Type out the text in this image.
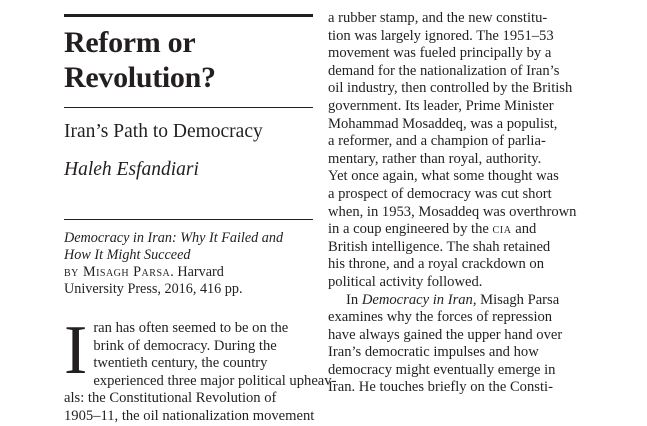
Reform or
Revolution?
Iran’s Path to Democracy
Haleh Esfandiari
Democracy in Iran: Why It Failed and
How It Might Succeed
by Misagh Parsa. Harvard
University Press, 2016, 416 pp.
I ran has often seemed to be on the
brink of democracy. During the
twentieth century, the country
experienced three major political upheav-
als: the Constitutional Revolution of
1905–11, the oil nationalization movement
a rubber stamp, and the new constitu-
tion was largely ignored. The 1951–53
movement was fueled principally by a
demand for the nationalization of Iran’s
oil industry, then controlled by the British
government. Its leader, Prime Minister
Mohammad Mosaddeq, was a populist,
a reformer, and a champion of parlia-
mentary, rather than royal, authority.
Yet once again, what some thought was
a prospect of democracy was cut short
when, in 1953, Mosaddeq was overthrown
in a coup engineered by the cia and
British intelligence. The shah retained
his throne, and a royal crackdown on
political activity followed.
In Democracy in Iran, Misagh Parsa
examines why the forces of repression
have always gained the upper hand over
Iran’s democratic impulses and how
democracy might eventually emerge in
Iran. He touches briefly on the Consti-
